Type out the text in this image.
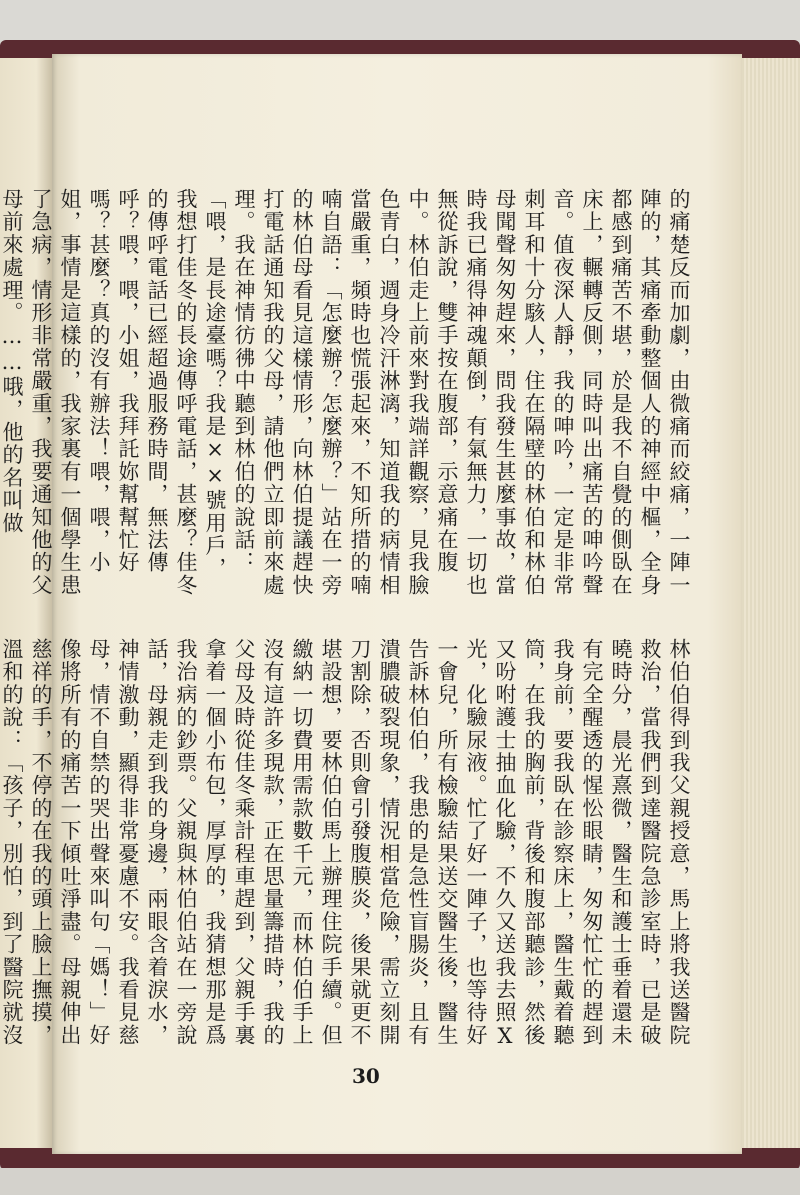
的痛楚反而加劇，由微痛而絞痛，一陣一陣的，其痛牽動整個人的神經中樞，全身都感到痛苦不堪，於是我不自覺的側臥在床上，輾轉反側，同時叫出痛苦的呻吟聲音。值夜深人靜，我的呻吟，一定是非常刺耳和十分駭人，住在隔壁的林伯和林伯母聞聲匆匆趕來，問我發生甚麼事故，當時我已痛得神魂顛倒，有氣無力，一切也無從訴說，雙手按在腹部，示意痛在腹中。林伯走上前來對我端詳觀察，見我臉色青白，週身冷汗淋漓，知道我的病情相當嚴重，頻時也慌張起來，不知所措的喃喃自語：「怎麼辦？怎麼辦？」站在一旁的林伯母看見這樣情形，向林伯提議趕快打電話通知我的父母，請他們立即前來處理。我在神情彷彿中聽到林伯的說話：「喂，是長途臺嗎？我是××號用戶，我想打佳冬的長途傳呼電話，甚麼？佳冬的傳呼電話已經超過服務時間，無法傳呼？喂，喂，小姐，我拜託妳幫幫忙好嗎？甚麼？真的沒有辦法！喂，喂，小姐，事情是這樣的，我家裏有一個學生患了急病，情形非常嚴重，我要通知他的父母前來處理。……哦，他的名叫做
林伯伯得到我父親授意，馬上將我送醫院救治，當我們到達醫院急診室時，已是破曉時分，晨光熹微，醫生和護士垂着還未有完全醒透的惺忪眼睛，匆匆忙忙的趕到我身前，要我臥在診察床上，醫生戴着聽筒，在我的胸前，背後和腹部聽診，然後又吩咐護士抽血化驗，不久又送我去照X光，化驗尿液。忙了好一陣子，也等待好一會兒，所有檢驗結果送交醫生後，醫生告訴林伯伯，我患的是急性盲腸炎，且有潰膿破裂現象，情況相當危險，需立刻開刀割除，否則會引發腹膜炎，後果就更不堪設想，要林伯伯馬上辦理住院手續。但繳納一切費用需款數千元，而林伯伯手上沒有這許多現款，正在思量籌措時，我的父母及時從佳冬乘計程車趕到，父親手裏拿着一個小布包，厚厚的，我猜想那是爲我治病的鈔票。父親與林伯伯站在一旁說話，母親走到我的身邊，兩眼含着淚水，神情激動，顯得非常憂慮不安。我看見慈母，情不自禁的哭出聲來叫句「媽！」好像將所有的痛苦一下傾吐淨盡。母親伸出慈祥的手，不停的在我的頭上臉上撫摸，溫和的說：「孩子，別怕，到了醫院就沒

30
